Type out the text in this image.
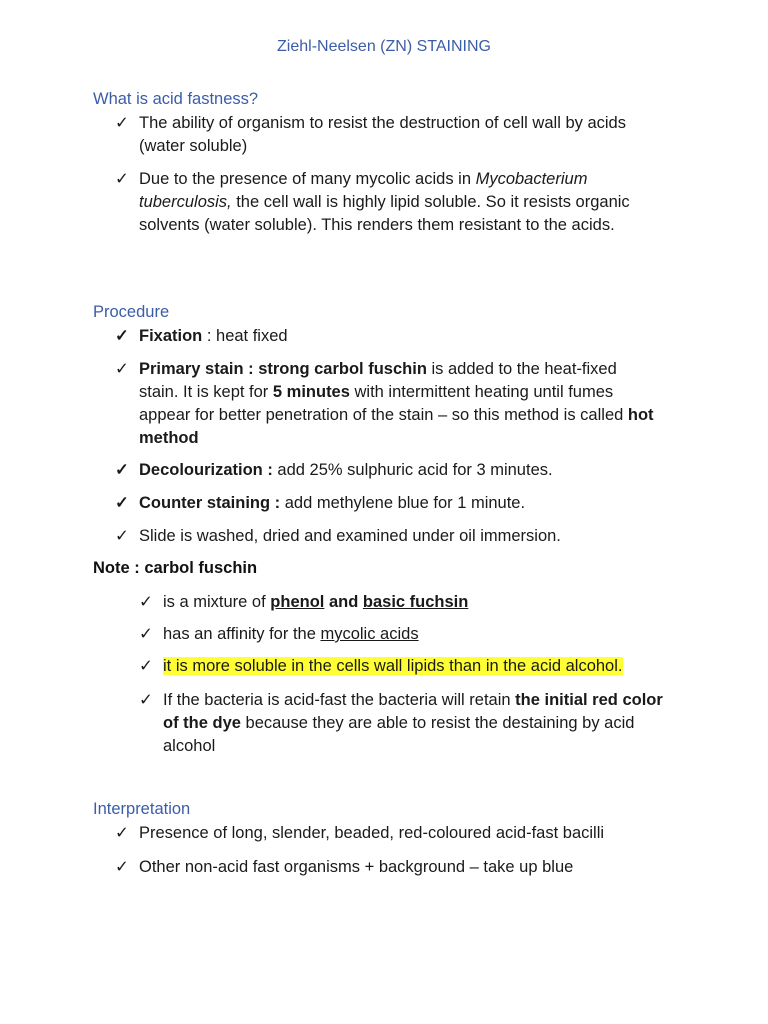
Ziehl-Neelsen (ZN) STAINING
What is acid fastness?
✓ The ability of organism to resist the destruction of cell wall by acids (water soluble)
✓ Due to the presence of many mycolic acids in Mycobacterium tuberculosis, the cell wall is highly lipid soluble. So it resists organic solvents (water soluble). This renders them resistant to the acids.
Procedure
✓ Fixation : heat fixed
✓ Primary stain : strong carbol fuschin is added to the heat-fixed stain. It is kept for 5 minutes with intermittent heating until fumes appear for better penetration of the stain – so this method is called hot method
✓ Decolourization : add 25% sulphuric acid for 3 minutes.
✓ Counter staining : add methylene blue for 1 minute.
✓ Slide is washed, dried and examined under oil immersion.
Note : carbol fuschin
✓ is a mixture of phenol and basic fuchsin
✓ has an affinity for the mycolic acids
✓ it is more soluble in the cells wall lipids than in the acid alcohol.
✓ If the bacteria is acid-fast the bacteria will retain the initial red color of the dye because they are able to resist the destaining by acid alcohol
Interpretation
✓ Presence of long, slender, beaded, red-coloured acid-fast bacilli
✓ Other non-acid fast organisms + background – take up blue
